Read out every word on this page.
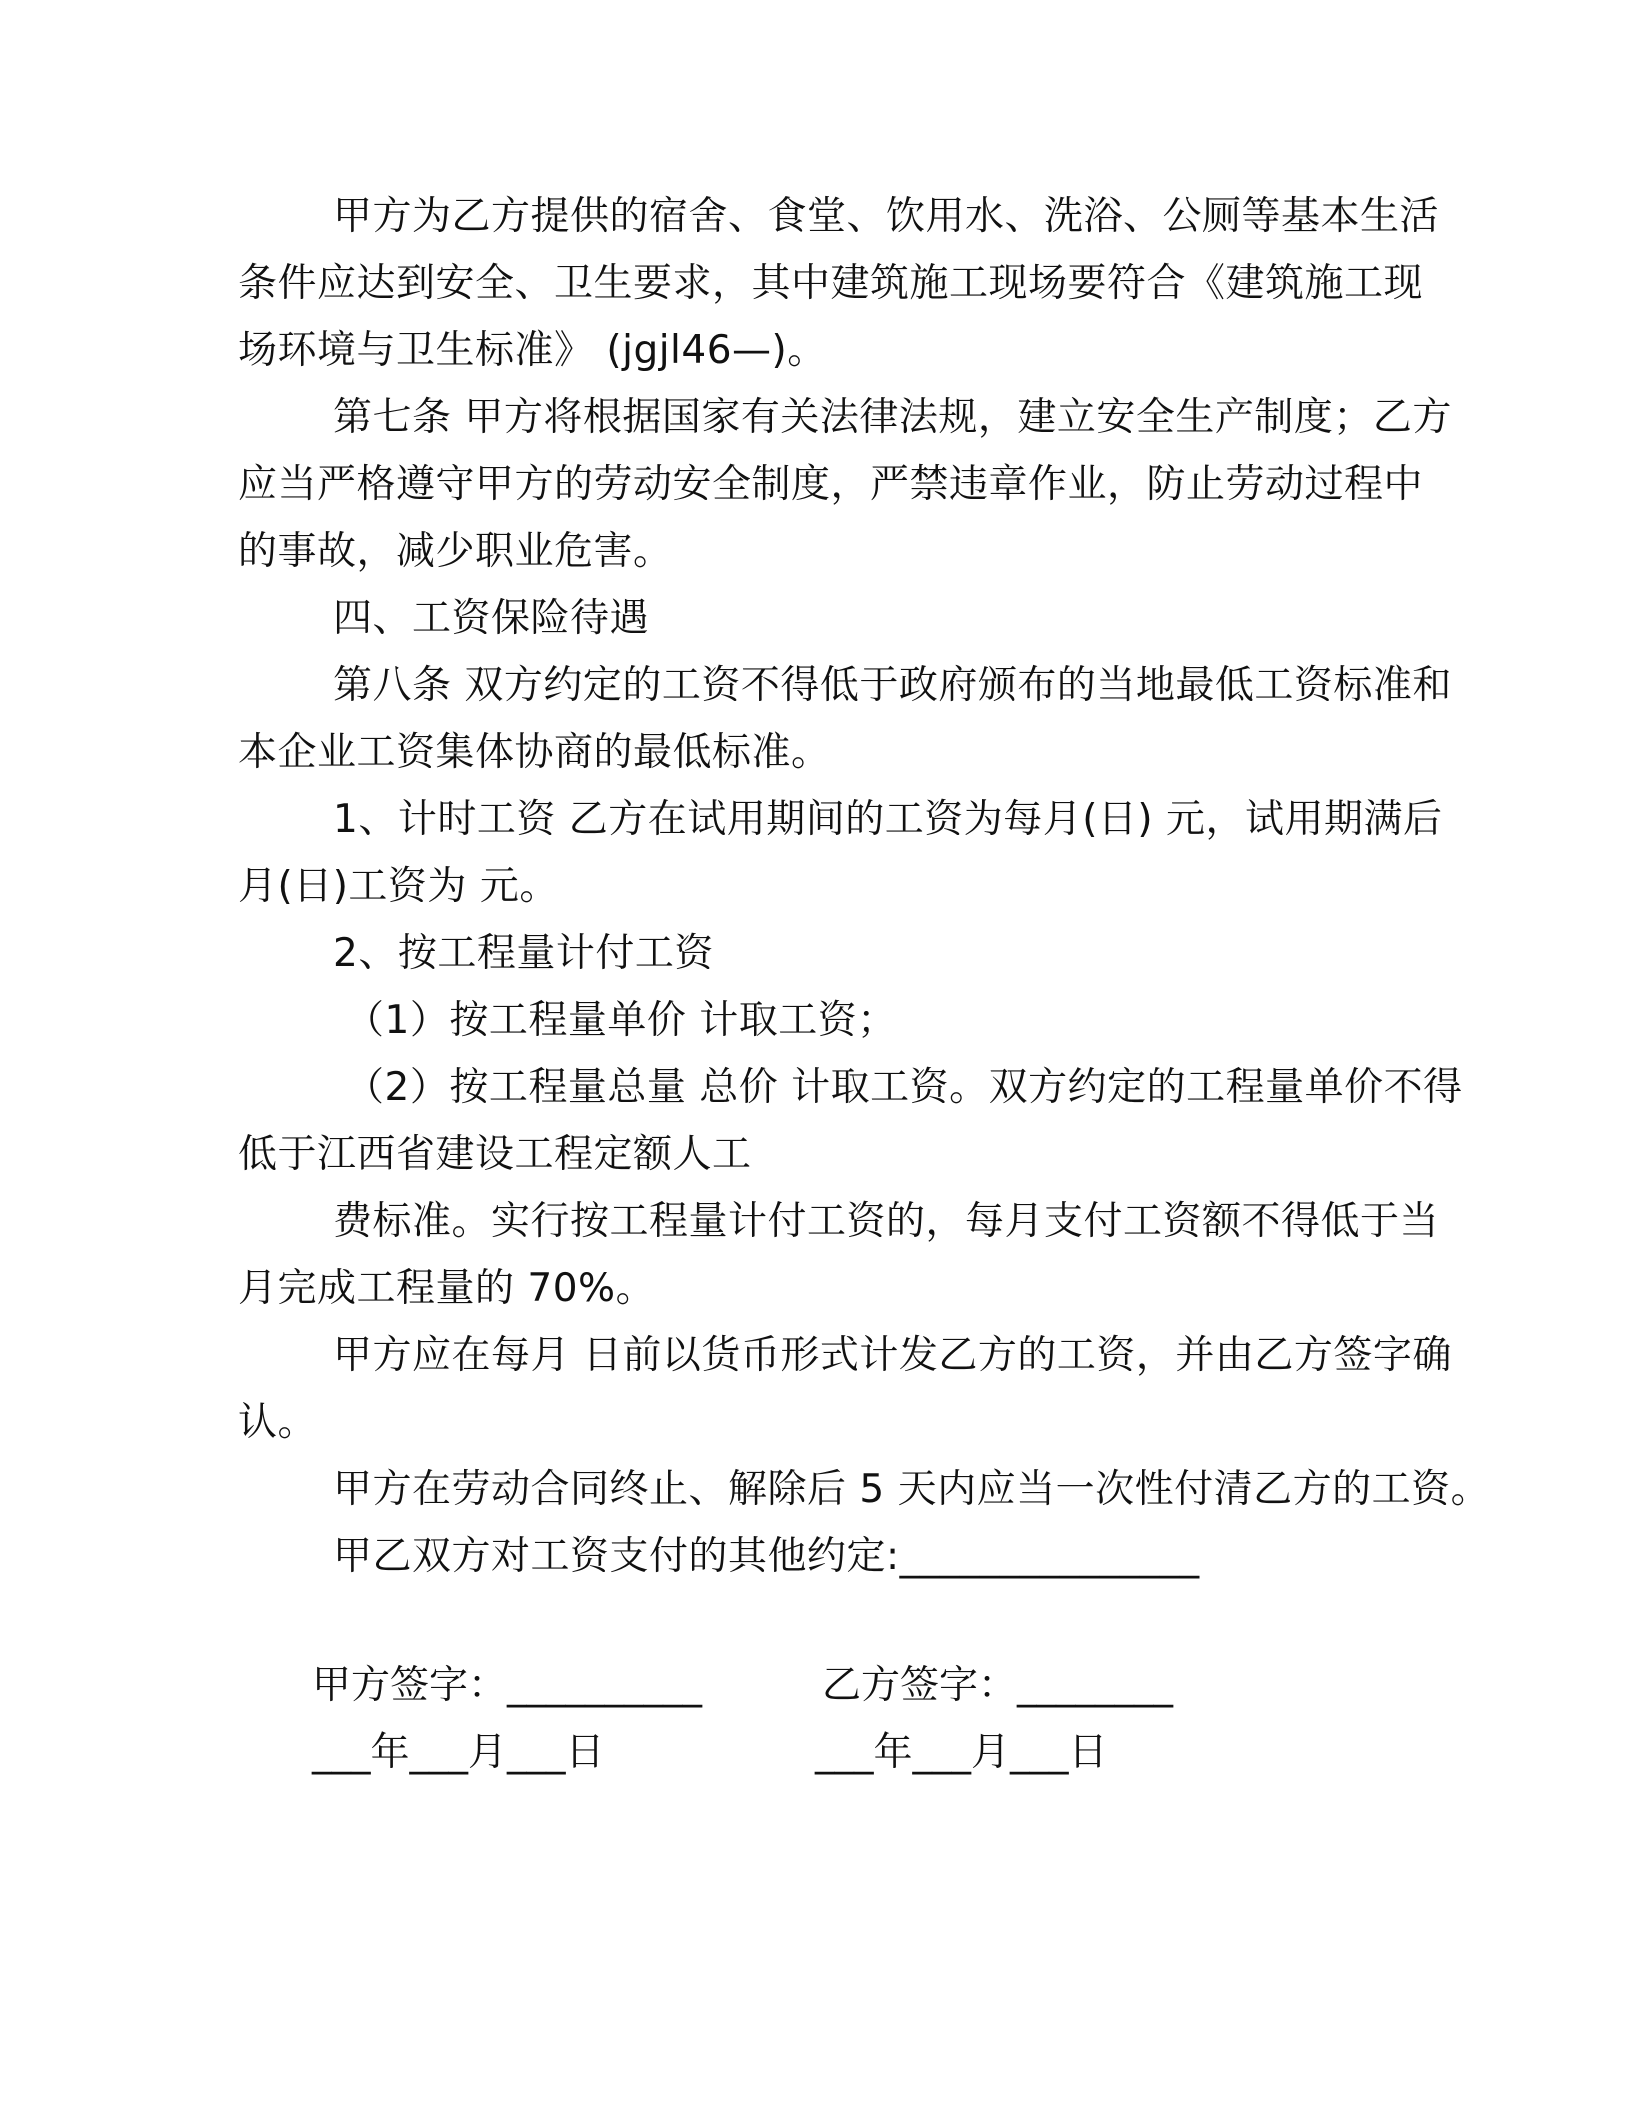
甲方为乙方提供的宿舍、食堂、饮用水、洗浴、公厕等基本生活
条件应达到安全、卫生要求，其中建筑施工现场要符合《建筑施工现
场环境与卫生标准》 (jgjl46—)。
第七条 甲方将根据国家有关法律法规，建立安全生产制度；乙方
应当严格遵守甲方的劳动安全制度，严禁违章作业，防止劳动过程中
的事故，减少职业危害。
四、工资保险待遇
第八条 双方约定的工资不得低于政府颁布的当地最低工资标准和
本企业工资集体协商的最低标准。
1、计时工资 乙方在试用期间的工资为每月(日) 元，试用期满后
月(日)工资为 元。
2、按工程量计付工资
（1）按工程量单价 计取工资；
（2）按工程量总量 总价 计取工资。双方约定的工程量单价不得
低于江西省建设工程定额人工
费标准。实行按工程量计付工资的，每月支付工资额不得低于当
月完成工程量的 70%。
甲方应在每月 日前以货币形式计发乙方的工资，并由乙方签字确
认。
甲方在劳动合同终止、解除后 5 天内应当一次性付清乙方的工资。
甲乙双方对工资支付的其他约定:_______________
甲方签字：__________	乙方签字：________
___年___月___日	___年___月___日
